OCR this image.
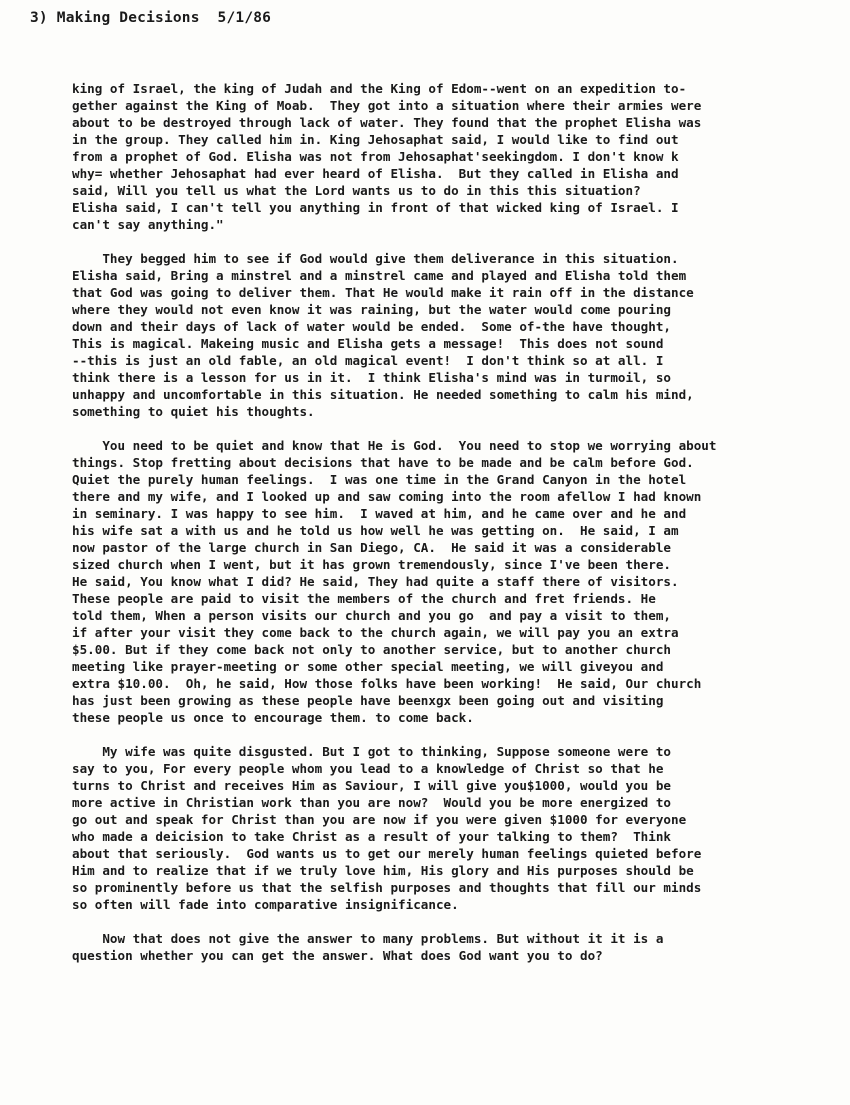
3) Making Decisions  5/1/86
king of Israel, the king of Judah and the King of Edom--went on an expedition to-
gether against the King of Moab.  They got into a situation where their armies were
about to be destroyed through lack of water. They found that the prophet Elisha was
in the group. They called him in. King Jehosaphat said, I would like to find out
from a prophet of God. Elisha was not from Jehosaphat'seekingdom. I don't know k
why= whether Jehosaphat had ever heard of Elisha.  But they called in Elisha and
said, Will you tell us what the Lord wants us to do in this this situation?
Elisha said, I can't tell you anything in front of that wicked king of Israel. I
can't say anything."
They begged him to see if God would give them deliverance in this situation.
Elisha said, Bring a minstrel and a minstrel came and played and Elisha told them
that God was going to deliver them. That He would make it rain off in the distance
where they would not even know it was raining, but the water would come pouring
down and their days of lack of water would be ended.  Some of-the have thought,
This is magical. Makeing music and Elisha gets a message!  This does not sound
--this is just an old fable, an old magical event!  I don't think so at all. I
think there is a lesson for us in it.  I think Elisha's mind was in turmoil, so
unhappy and uncomfortable in this situation. He needed something to calm his mind,
something to quiet his thoughts.
You need to be quiet and know that He is God.  You need to stop we worrying about
things. Stop fretting about decisions that have to be made and be calm before God.
Quiet the purely human feelings.  I was one time in the Grand Canyon in the hotel
there and my wife, and I looked up and saw coming into the room afellow I had known
in seminary. I was happy to see him.  I waved at him, and he came over and he and
his wife sat a with us and he told us how well he was getting on.  He said, I am
now pastor of the large church in San Diego, CA.  He said it was a considerable
sized church when I went, but it has grown tremendously, since I've been there.
He said, You know what I did? He said, They had quite a staff there of visitors.
These people are paid to visit the members of the church and fret friends. He
told them, When a person visits our church and you go  and pay a visit to them,
if after your visit they come back to the church again, we will pay you an extra
$5.00. But if they come back not only to another service, but to another church
meeting like prayer-meeting or some other special meeting, we will giveyou and
extra $10.00.  Oh, he said, How those folks have been working!  He said, Our church
has just been growing as these people have beenxgx been going out and visiting
these people us once to encourage them. to come back.
My wife was quite disgusted. But I got to thinking, Suppose someone were to
say to you, For every people whom you lead to a knowledge of Christ so that he
turns to Christ and receives Him as Saviour, I will give you$1000, would you be
more active in Christian work than you are now?  Would you be more energized to
go out and speak for Christ than you are now if you were given $1000 for everyone
who made a deicision to take Christ as a result of your talking to them?  Think
about that seriously.  God wants us to get our merely human feelings quieted before
Him and to realize that if we truly love him, His glory and His purposes should be
so prominently before us that the selfish purposes and thoughts that fill our minds
so often will fade into comparative insignificance.
Now that does not give the answer to many problems. But without it it is a
question whether you can get the answer. What does God want you to do?
